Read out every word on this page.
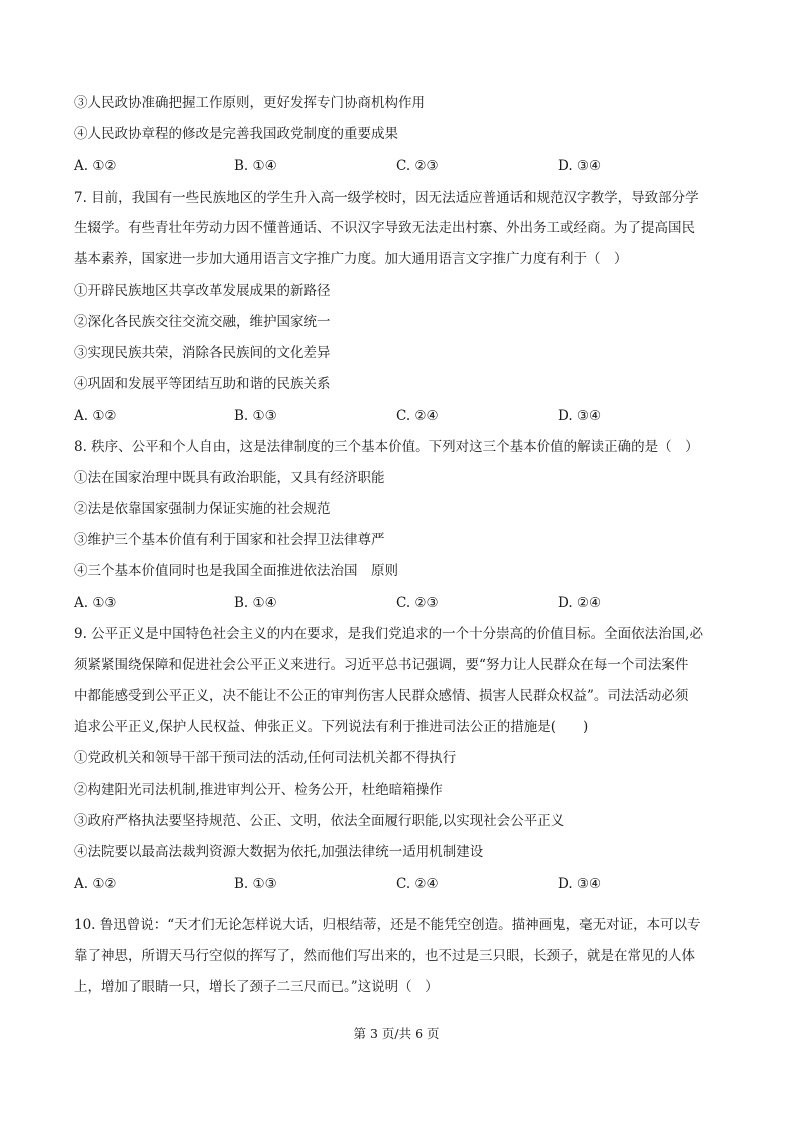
③人民政协准确把握工作原则，更好发挥专门协商机构作用
④人民政协章程的修改是完善我国政党制度的重要成果
A. ①②	B. ①④	C. ②③	D. ③④
7. 目前，我国有一些民族地区的学生升入高一级学校时，因无法适应普通话和规范汉字教学，导致部分学
生辍学。有些青壮年劳动力因不懂普通话、不识汉字导致无法走出村寨、外出务工或经商。为了提高国民
基本素养，国家进一步加大通用语言文字推广力度。加大通用语言文字推广力度有利于（　）
①开辟民族地区共享改革发展成果的新路径
②深化各民族交往交流交融，维护国家统一
③实现民族共荣，消除各民族间的文化差异
④巩固和发展平等团结互助和谐的民族关系
A. ①②	B. ①③	C. ②④	D. ③④
8. 秩序、公平和个人自由，这是法律制度的三个基本价值。下列对这三个基本价值的解读正确的是（　）
①法在国家治理中既具有政治职能，又具有经济职能
②法是依靠国家强制力保证实施的社会规范
③维护三个基本价值有利于国家和社会捍卫法律尊严
④三个基本价值同时也是我国全面推进依法治国　原则
A. ①③	B. ①④	C. ②③	D. ②④
9. 公平正义是中国特色社会主义的内在要求，是我们党追求的一个十分崇高的价值目标。全面依法治国,必
须紧紧围绕保障和促进社会公平正义来进行。习近平总书记强调，要“努力让人民群众在每一个司法案件
中都能感受到公平正义，决不能让不公正的审判伤害人民群众感情、损害人民群众权益”。司法活动必须
追求公平正义,保护人民权益、伸张正义。下列说法有利于推进司法公正的措施是(　　)
①党政机关和领导干部干预司法的活动,任何司法机关都不得执行
②构建阳光司法机制,推进审判公开、检务公开，杜绝暗箱操作
③政府严格执法要坚持规范、公正、文明，依法全面履行职能,以实现社会公平正义
④法院要以最高法裁判资源大数据为依托,加强法律统一适用机制建设
A. ①②	B. ①③	C. ②④	D. ③④
10. 鲁迅曾说：“天才们无论怎样说大话，归根结蒂，还是不能凭空创造。描神画鬼，毫无对证，本可以专
靠了神思，所谓天马行空似的挥写了，然而他们写出来的，也不过是三只眼，长颈子，就是在常见的人体
上，增加了眼睛一只，增长了颈子二三尺而已。”这说明（　）
第 3 页/共 6 页
